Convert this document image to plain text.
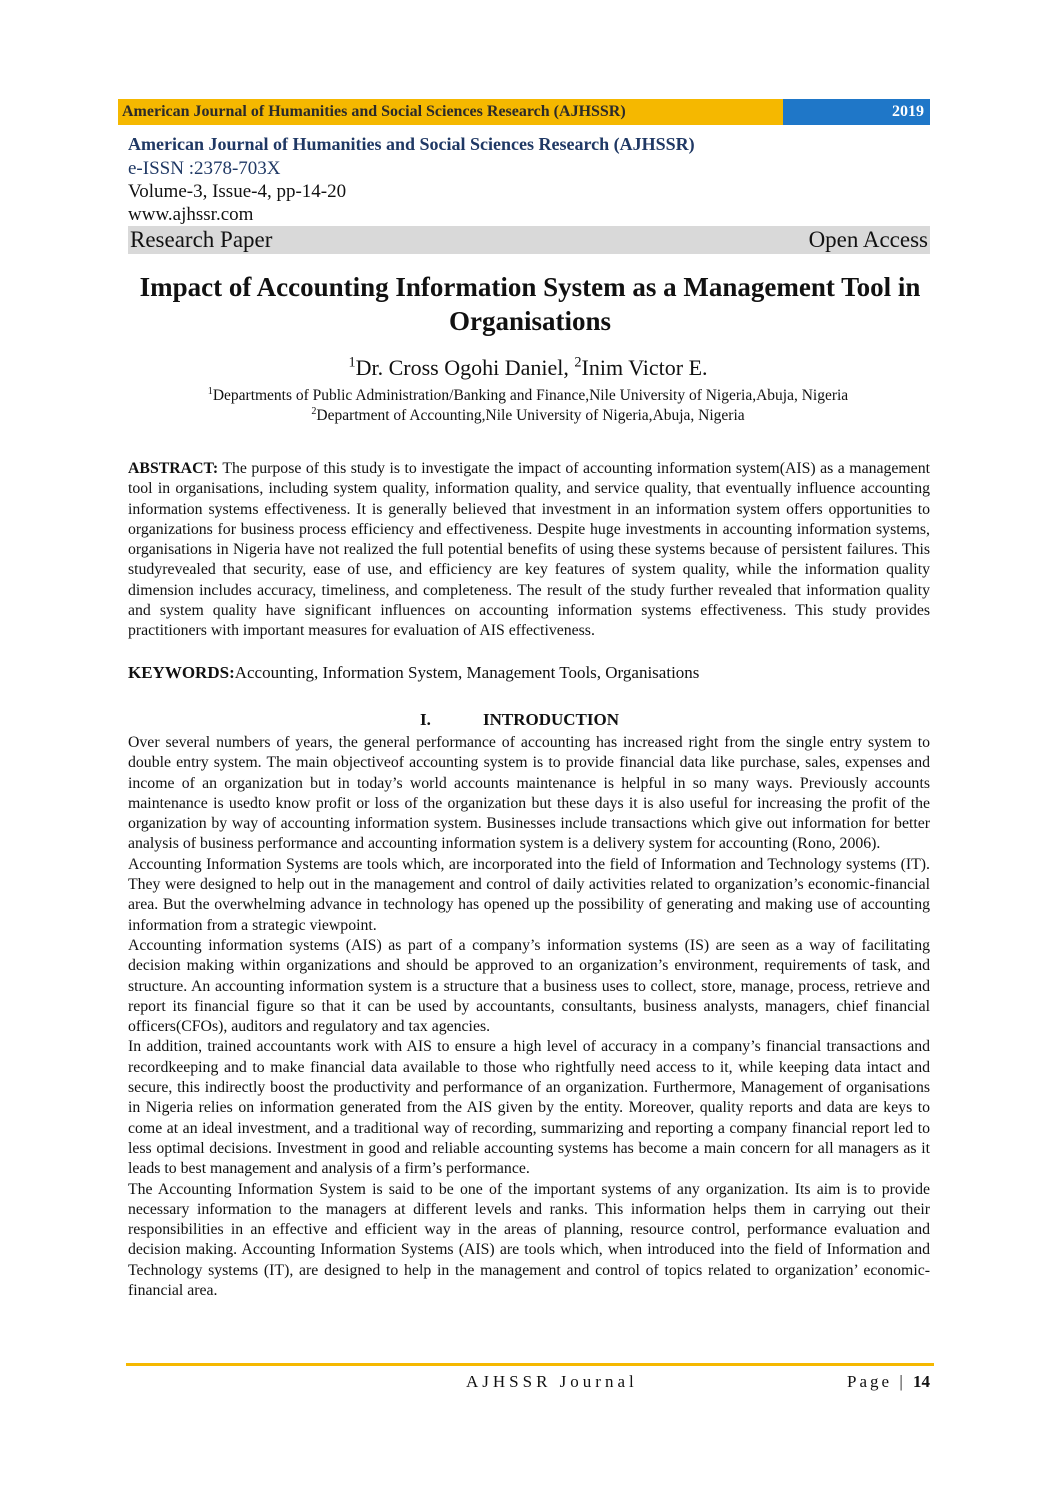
American Journal of Humanities and Social Sciences Research (AJHSSR)	2019
American Journal of Humanities and Social Sciences Research (AJHSSR)
e-ISSN :2378-703X
Volume-3, Issue-4, pp-14-20
www.ajhssr.com
Research Paper	Open Access
Impact of Accounting Information System as a Management Tool in Organisations
$^1$Dr. Cross Ogohi Daniel, $^2$Inim Victor E.
$^1$Departments of Public Administration/Banking and Finance,Nile University of Nigeria,Abuja, Nigeria
$^2$Department of Accounting,Nile University of Nigeria,Abuja, Nigeria
ABSTRACT: The purpose of this study is to investigate the impact of accounting information system(AIS) as a management tool in organisations, including system quality, information quality, and service quality, that eventually influence accounting information systems effectiveness. It is generally believed that investment in an information system offers opportunities to organizations for business process efficiency and effectiveness. Despite huge investments in accounting information systems, organisations in Nigeria have not realized the full potential benefits of using these systems because of persistent failures. This studyrevealed that security, ease of use, and efficiency are key features of system quality, while the information quality dimension includes accuracy, timeliness, and completeness. The result of the study further revealed that information quality and system quality have significant influences on accounting information systems effectiveness. This study provides practitioners with important measures for evaluation of AIS effectiveness.
KEYWORDS:Accounting, Information System, Management Tools, Organisations
I.	INTRODUCTION

Over several numbers of years, the general performance of accounting has increased right from the single entry system to double entry system. The main objectiveof accounting system is to provide financial data like purchase, sales, expenses and income of an organization but in today’s world accounts maintenance is helpful in so many ways. Previously accounts maintenance is usedto know profit or loss of the organization but these days it is also useful for increasing the profit of the organization by way of accounting information system. Businesses include transactions which give out information for better analysis of business performance and accounting information system is a delivery system for accounting (Rono, 2006).

Accounting Information Systems are tools which, are incorporated into the field of Information and Technology systems (IT). They were designed to help out in the management and control of daily activities related to organization’s economic-financial area. But the overwhelming advance in technology has opened up the possibility of generating and making use of accounting information from a strategic viewpoint.

Accounting information systems (AIS) as part of a company’s information systems (IS) are seen as a way of facilitating decision making within organizations and should be approved to an organization’s environment, requirements of task, and structure. An accounting information system is a structure that a business uses to collect, store, manage, process, retrieve and report its financial figure so that it can be used by accountants, consultants, business analysts, managers, chief financial officers(CFOs), auditors and regulatory and tax agencies.

In addition, trained accountants work with AIS to ensure a high level of accuracy in a company’s financial transactions and recordkeeping and to make financial data available to those who rightfully need access to it, while keeping data intact and secure, this indirectly boost the productivity and performance of an organization. Furthermore, Management of organisations in Nigeria relies on information generated from the AIS given by the entity. Moreover, quality reports and data are keys to come at an ideal investment, and a traditional way of recording, summarizing and reporting a company financial report led to less optimal decisions. Investment in good and reliable accounting systems has become a main concern for all managers as it leads to best management and analysis of a firm’s performance.

The Accounting Information System is said to be one of the important systems of any organization. Its aim is to provide necessary information to the managers at different levels and ranks. This information helps them in carrying out their responsibilities in an effective and efficient way in the areas of planning, resource control, performance evaluation and decision making. Accounting Information Systems (AIS) are tools which, when introduced into the field of Information and Technology systems (IT), are designed to help in the management and control of topics related to organization’ economic-financial area.

AJHSSR Journal	Page | 14
